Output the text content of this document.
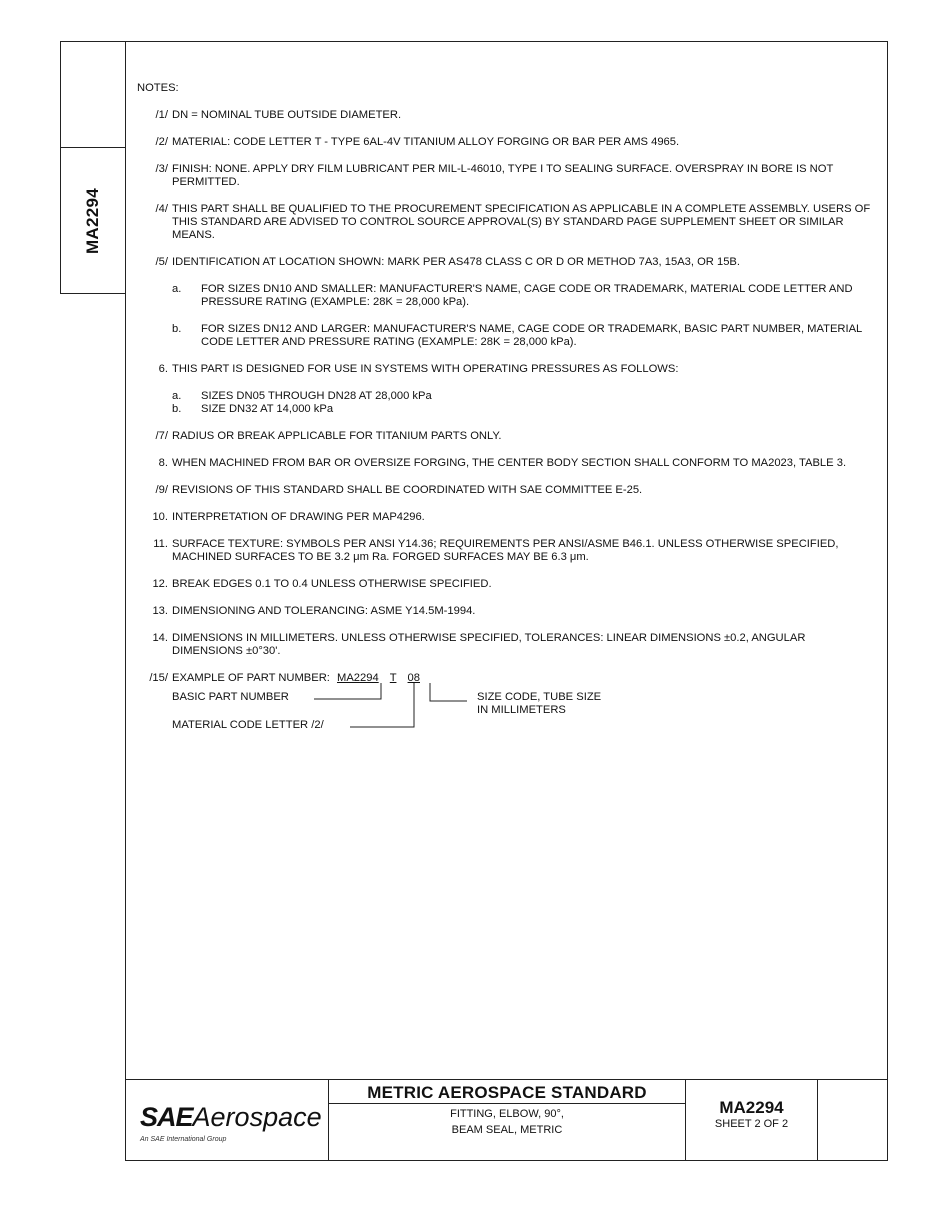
MA2294
NOTES:
/1/ DN = NOMINAL TUBE OUTSIDE DIAMETER.
/2/ MATERIAL: CODE LETTER T - TYPE 6AL-4V TITANIUM ALLOY FORGING OR BAR PER AMS 4965.
/3/ FINISH: NONE. APPLY DRY FILM LUBRICANT PER MIL-L-46010, TYPE I TO SEALING SURFACE. OVERSPRAY IN BORE IS NOT PERMITTED.
/4/ THIS PART SHALL BE QUALIFIED TO THE PROCUREMENT SPECIFICATION AS APPLICABLE IN A COMPLETE ASSEMBLY. USERS OF THIS STANDARD ARE ADVISED TO CONTROL SOURCE APPROVAL(S) BY STANDARD PAGE SUPPLEMENT SHEET OR SIMILAR MEANS.
/5/ IDENTIFICATION AT LOCATION SHOWN: MARK PER AS478 CLASS C OR D OR METHOD 7A3, 15A3, OR 15B.
a. FOR SIZES DN10 AND SMALLER: MANUFACTURER'S NAME, CAGE CODE OR TRADEMARK, MATERIAL CODE LETTER AND PRESSURE RATING (EXAMPLE: 28K = 28,000 kPa).
b. FOR SIZES DN12 AND LARGER: MANUFACTURER'S NAME, CAGE CODE OR TRADEMARK, BASIC PART NUMBER, MATERIAL CODE LETTER AND PRESSURE RATING (EXAMPLE: 28K = 28,000 kPa).
6. THIS PART IS DESIGNED FOR USE IN SYSTEMS WITH OPERATING PRESSURES AS FOLLOWS:
a. SIZES DN05 THROUGH DN28 AT 28,000 kPa
b. SIZE DN32 AT 14,000 kPa
/7/ RADIUS OR BREAK APPLICABLE FOR TITANIUM PARTS ONLY.
8. WHEN MACHINED FROM BAR OR OVERSIZE FORGING, THE CENTER BODY SECTION SHALL CONFORM TO MA2023, TABLE 3.
/9/ REVISIONS OF THIS STANDARD SHALL BE COORDINATED WITH SAE COMMITTEE E-25.
10. INTERPRETATION OF DRAWING PER MAP4296.
11. SURFACE TEXTURE: SYMBOLS PER ANSI Y14.36; REQUIREMENTS PER ANSI/ASME B46.1. UNLESS OTHERWISE SPECIFIED, MACHINED SURFACES TO BE 3.2 μm Ra. FORGED SURFACES MAY BE 6.3 μm.
12. BREAK EDGES 0.1 TO 0.4 UNLESS OTHERWISE SPECIFIED.
13. DIMENSIONING AND TOLERANCING: ASME Y14.5M-1994.
14. DIMENSIONS IN MILLIMETERS. UNLESS OTHERWISE SPECIFIED, TOLERANCES: LINEAR DIMENSIONS ±0.2, ANGULAR DIMENSIONS ±0°30'.
/15/ EXAMPLE OF PART NUMBER: MA2294 T 08
BASIC PART NUMBER
MATERIAL CODE LETTER /2/
SIZE CODE, TUBE SIZE
IN MILLIMETERS
SAEAerospace
An SAE International Group
METRIC AEROSPACE STANDARD
FITTING, ELBOW, 90°,
BEAM SEAL, METRIC
MA2294
SHEET 2 OF 2
